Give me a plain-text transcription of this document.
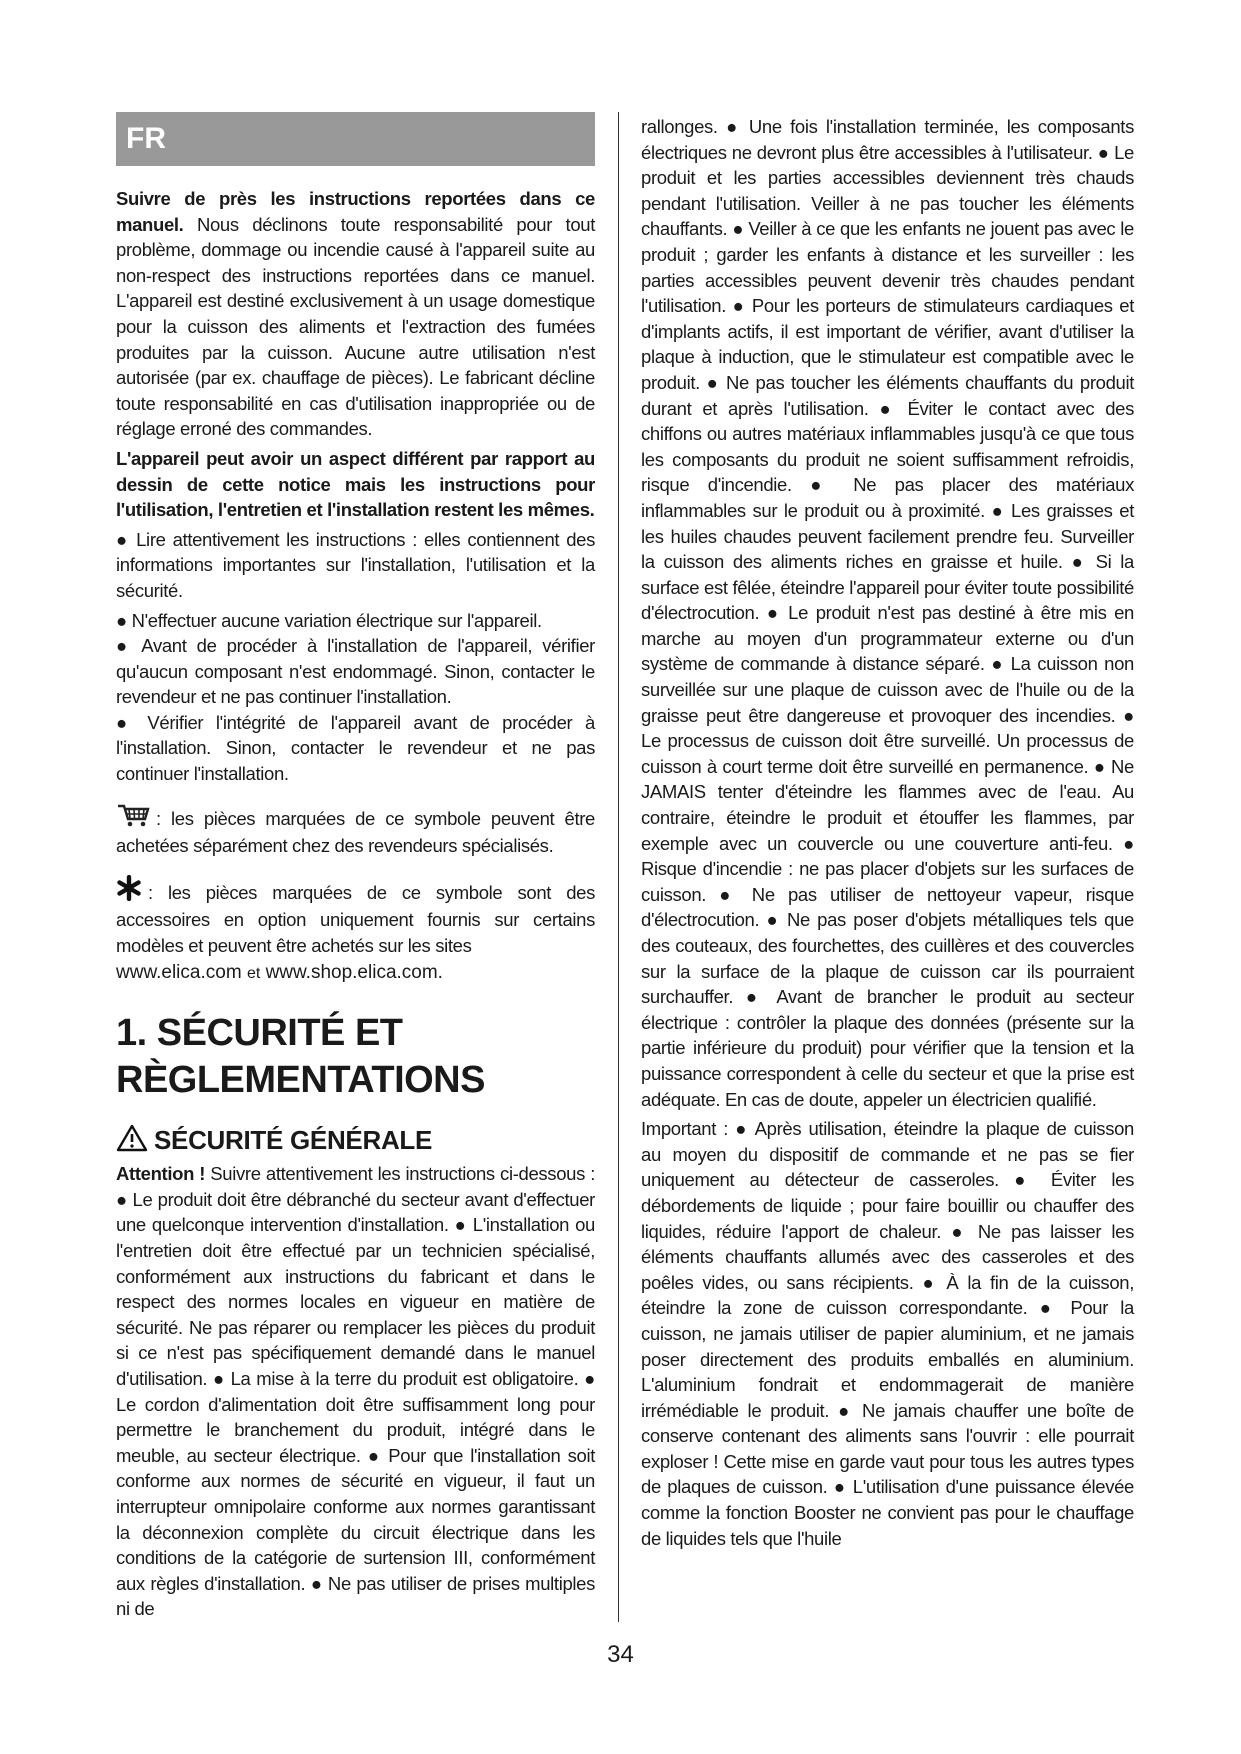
FR

Suivre de près les instructions reportées dans ce manuel. Nous déclinons toute responsabilité pour tout problème, dommage ou incendie causé à l'appareil suite au non-respect des instructions reportées dans ce manuel. L'appareil est destiné exclusivement à un usage domestique pour la cuisson des aliments et l'extraction des fumées produites par la cuisson. Aucune autre utilisation n'est autorisée (par ex. chauffage de pièces). Le fabricant décline toute responsabilité en cas d'utilisation inappropriée ou de réglage erroné des commandes.

L'appareil peut avoir un aspect différent par rapport au dessin de cette notice mais les instructions pour l'utilisation, l'entretien et l'installation restent les mêmes.

● Lire attentivement les instructions : elles contiennent des informations importantes sur l'installation, l'utilisation et la sécurité.

● N'effectuer aucune variation électrique sur l'appareil.

● Avant de procéder à l'installation de l'appareil, vérifier qu'aucun composant n'est endommagé. Sinon, contacter le revendeur et ne pas continuer l'installation.

● Vérifier l'intégrité de l'appareil avant de procéder à l'installation. Sinon, contacter le revendeur et ne pas continuer l'installation.

: les pièces marquées de ce symbole peuvent être achetées séparément chez des revendeurs spécialisés.

: les pièces marquées de ce symbole sont des accessoires en option uniquement fournis sur certains modèles et peuvent être achetés sur les sites
www.elica.com et www.shop.elica.com.

1. SÉCURITÉ ET
RÈGLEMENTATIONS
SÉCURITÉ GÉNÉRALE

Attention ! Suivre attentivement les instructions ci-dessous : ● Le produit doit être débranché du secteur avant d'effectuer une quelconque intervention d'installation. ● L'installation ou l'entretien doit être effectué par un technicien spécialisé, conformément aux instructions du fabricant et dans le respect des normes locales en vigueur en matière de sécurité. Ne pas réparer ou remplacer les pièces du produit si ce n'est pas spécifiquement demandé dans le manuel d'utilisation. ● La mise à la terre du produit est obligatoire. ● Le cordon d'alimentation doit être suffisamment long pour permettre le branchement du produit, intégré dans le meuble, au secteur électrique. ● Pour que l'installation soit conforme aux normes de sécurité en vigueur, il faut un interrupteur omnipolaire conforme aux normes garantissant la déconnexion complète du circuit électrique dans les conditions de la catégorie de surtension III, conformément aux règles d'installation. ● Ne pas utiliser de prises multiples ni de

rallonges. ● Une fois l'installation terminée, les composants électriques ne devront plus être accessibles à l'utilisateur. ● Le produit et les parties accessibles deviennent très chauds pendant l'utilisation. Veiller à ne pas toucher les éléments chauffants. ● Veiller à ce que les enfants ne jouent pas avec le produit ; garder les enfants à distance et les surveiller : les parties accessibles peuvent devenir très chaudes pendant l'utilisation. ● Pour les porteurs de stimulateurs cardiaques et d'implants actifs, il est important de vérifier, avant d'utiliser la plaque à induction, que le stimulateur est compatible avec le produit. ● Ne pas toucher les éléments chauffants du produit durant et après l'utilisation. ● Éviter le contact avec des chiffons ou autres matériaux inflammables jusqu'à ce que tous les composants du produit ne soient suffisamment refroidis, risque d'incendie. ● Ne pas placer des matériaux inflammables sur le produit ou à proximité. ● Les graisses et les huiles chaudes peuvent facilement prendre feu. Surveiller la cuisson des aliments riches en graisse et huile. ● Si la surface est fêlée, éteindre l'appareil pour éviter toute possibilité d'électrocution. ● Le produit n'est pas destiné à être mis en marche au moyen d'un programmateur externe ou d'un système de commande à distance séparé. ● La cuisson non surveillée sur une plaque de cuisson avec de l'huile ou de la graisse peut être dangereuse et provoquer des incendies. ● Le processus de cuisson doit être surveillé. Un processus de cuisson à court terme doit être surveillé en permanence. ● Ne JAMAIS tenter d'éteindre les flammes avec de l'eau. Au contraire, éteindre le produit et étouffer les flammes, par exemple avec un couvercle ou une couverture anti-feu. ● Risque d'incendie : ne pas placer d'objets sur les surfaces de cuisson. ● Ne pas utiliser de nettoyeur vapeur, risque d'électrocution. ● Ne pas poser d'objets métalliques tels que des couteaux, des fourchettes, des cuillères et des couvercles sur la surface de la plaque de cuisson car ils pourraient surchauffer. ● Avant de brancher le produit au secteur électrique : contrôler la plaque des données (présente sur la partie inférieure du produit) pour vérifier que la tension et la puissance correspondent à celle du secteur et que la prise est adéquate. En cas de doute, appeler un électricien qualifié.

Important : ● Après utilisation, éteindre la plaque de cuisson au moyen du dispositif de commande et ne pas se fier uniquement au détecteur de casseroles. ● Éviter les débordements de liquide ; pour faire bouillir ou chauffer des liquides, réduire l'apport de chaleur. ● Ne pas laisser les éléments chauffants allumés avec des casseroles et des poêles vides, ou sans récipients. ● À la fin de la cuisson, éteindre la zone de cuisson correspondante. ● Pour la cuisson, ne jamais utiliser de papier aluminium, et ne jamais poser directement des produits emballés en aluminium. L'aluminium fondrait et endommagerait de manière irrémédiable le produit. ● Ne jamais chauffer une boîte de conserve contenant des aliments sans l'ouvrir : elle pourrait exploser ! Cette mise en garde vaut pour tous les autres types de plaques de cuisson. ● L'utilisation d'une puissance élevée comme la fonction Booster ne convient pas pour le chauffage de liquides tels que l'huile

34
